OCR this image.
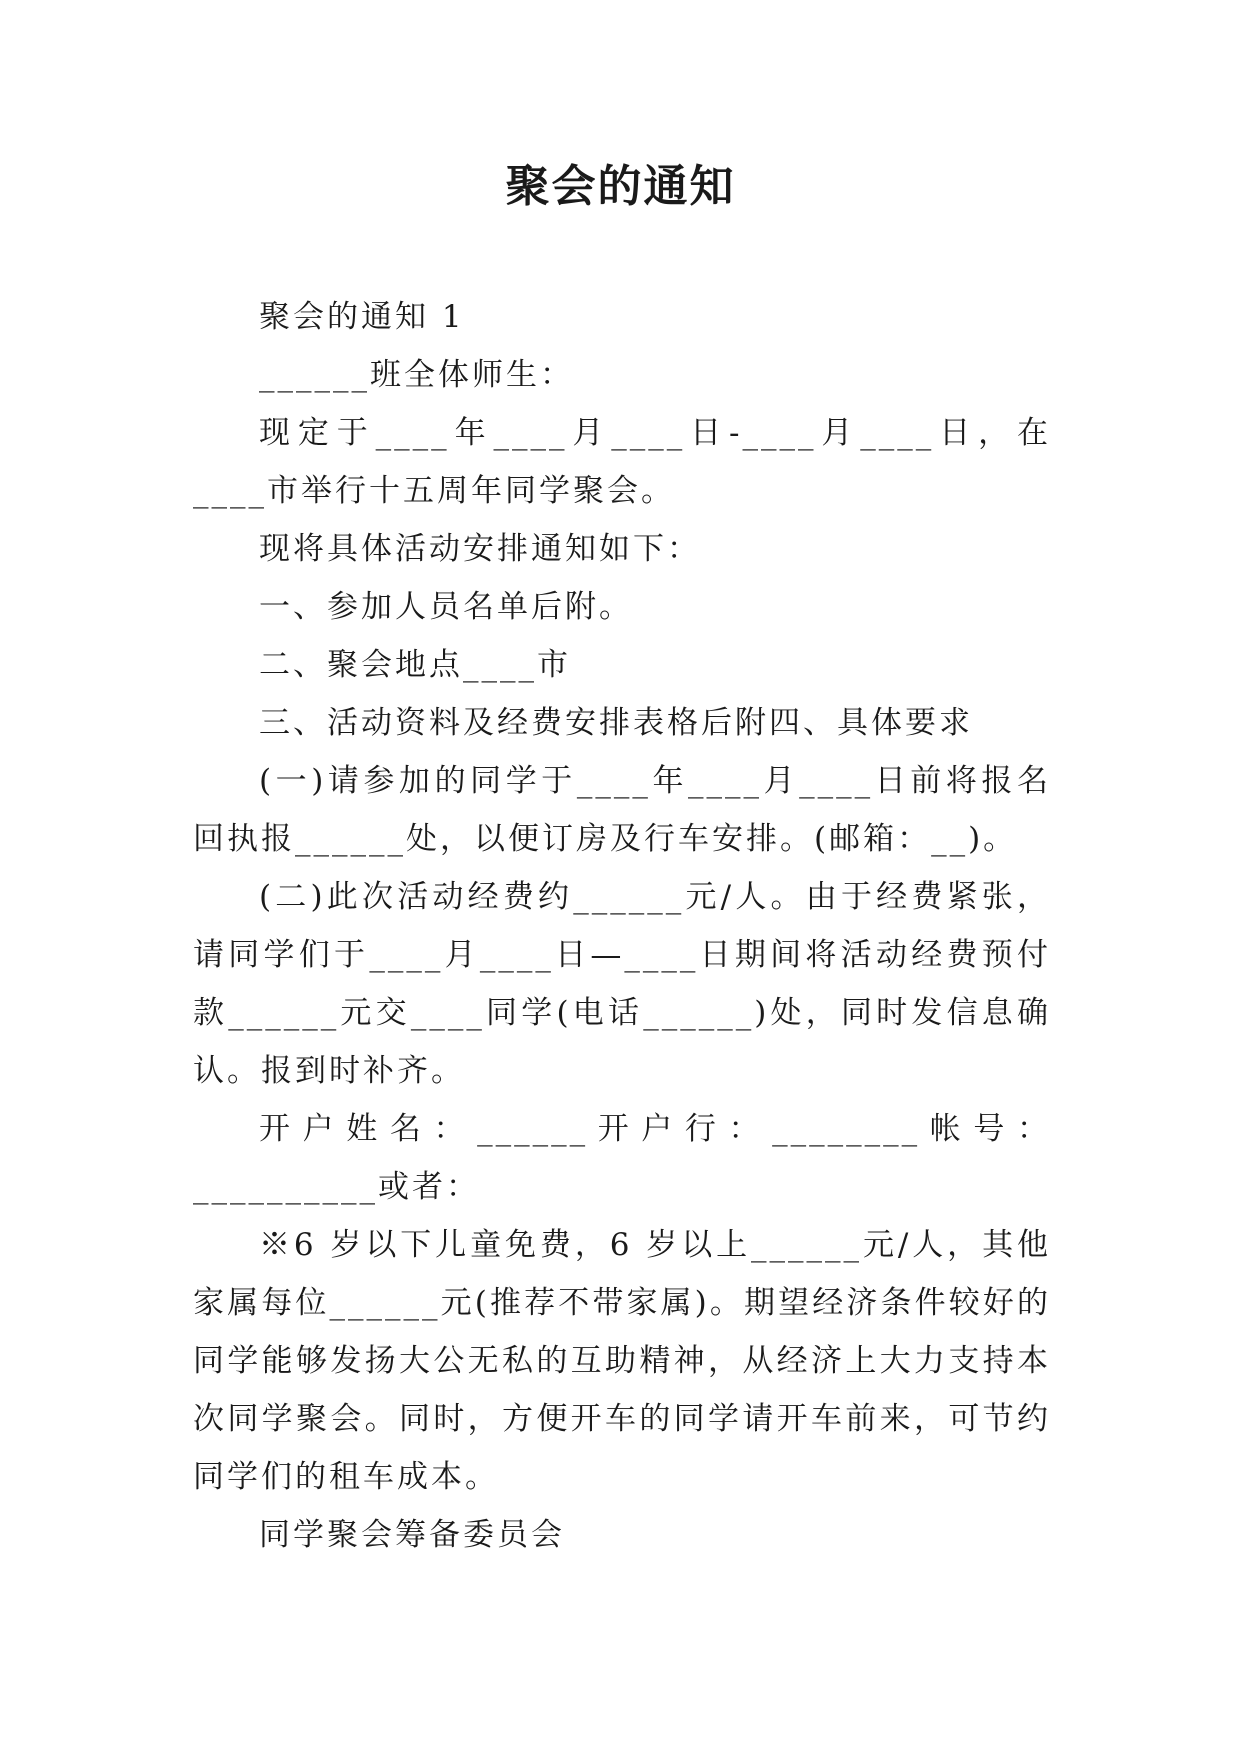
聚会的通知

聚会的通知 1

______班全体师生：

现定于____年____月____日-____月____日，在____市举行十五周年同学聚会。

现将具体活动安排通知如下：

一、参加人员名单后附。

二、聚会地点____市

三、活动资料及经费安排表格后附四、具体要求

(一)请参加的同学于____年____月____日前将报名回执报______处，以便订房及行车安排。(邮箱：__)。

(二)此次活动经费约______元/人。由于经费紧张，请同学们于____月____日—____日期间将活动经费预付款______元交____同学(电话______)处，同时发信息确认。报到时补齐。

开户姓名：______开户行：________帐号：__________或者：

※6 岁以下儿童免费，6 岁以上______元/人，其他家属每位______元(推荐不带家属)。期望经济条件较好的同学能够发扬大公无私的互助精神，从经济上大力支持本次同学聚会。同时，方便开车的同学请开车前来，可节约同学们的租车成本。

同学聚会筹备委员会
